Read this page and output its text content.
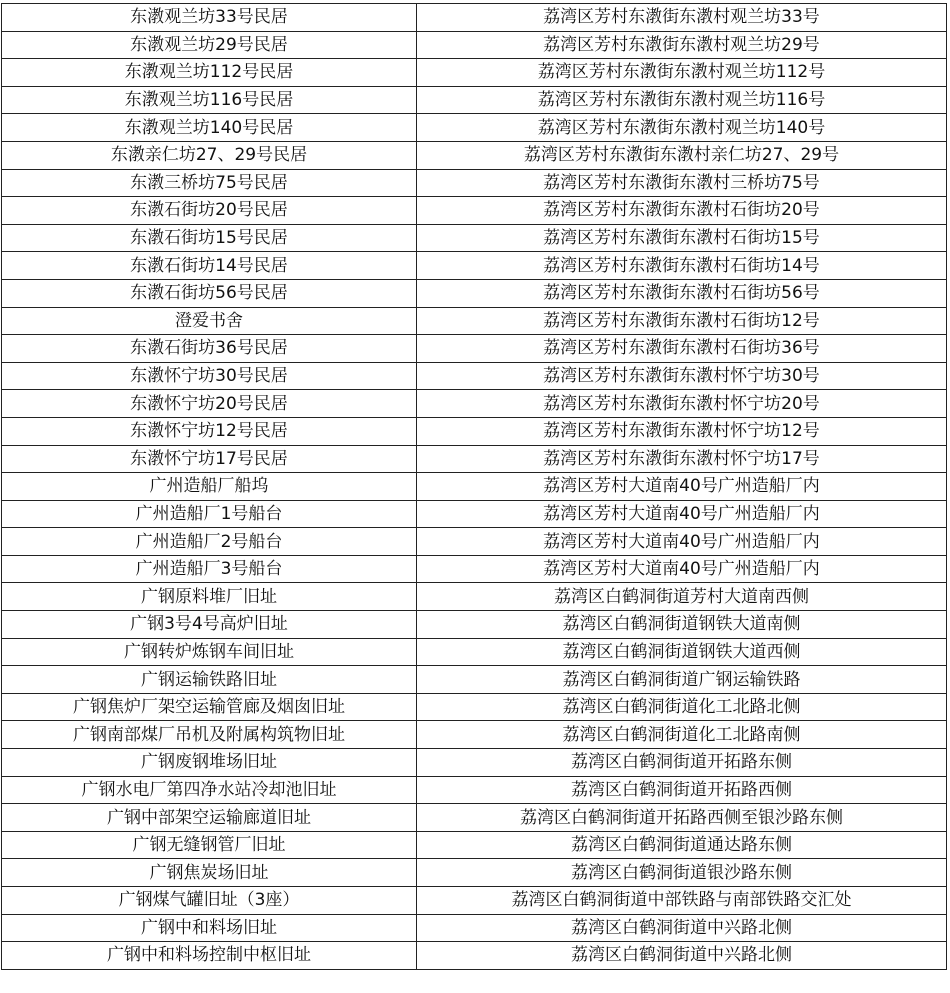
东漖观兰坊33号民居	荔湾区芳村东漖街东漖村观兰坊33号
东漖观兰坊29号民居	荔湾区芳村东漖街东漖村观兰坊29号
东漖观兰坊112号民居	荔湾区芳村东漖街东漖村观兰坊112号
东漖观兰坊116号民居	荔湾区芳村东漖街东漖村观兰坊116号
东漖观兰坊140号民居	荔湾区芳村东漖街东漖村观兰坊140号
东漖亲仁坊27、29号民居	荔湾区芳村东漖街东漖村亲仁坊27、29号
东漖三桥坊75号民居	荔湾区芳村东漖街东漖村三桥坊75号
东漖石街坊20号民居	荔湾区芳村东漖街东漖村石街坊20号
东漖石街坊15号民居	荔湾区芳村东漖街东漖村石街坊15号
东漖石街坊14号民居	荔湾区芳村东漖街东漖村石街坊14号
东漖石街坊56号民居	荔湾区芳村东漖街东漖村石街坊56号
澄爱书舍	荔湾区芳村东漖街东漖村石街坊12号
东漖石街坊36号民居	荔湾区芳村东漖街东漖村石街坊36号
东漖怀宁坊30号民居	荔湾区芳村东漖街东漖村怀宁坊30号
东漖怀宁坊20号民居	荔湾区芳村东漖街东漖村怀宁坊20号
东漖怀宁坊12号民居	荔湾区芳村东漖街东漖村怀宁坊12号
东漖怀宁坊17号民居	荔湾区芳村东漖街东漖村怀宁坊17号
广州造船厂船坞	荔湾区芳村大道南40号广州造船厂内
广州造船厂1号船台	荔湾区芳村大道南40号广州造船厂内
广州造船厂2号船台	荔湾区芳村大道南40号广州造船厂内
广州造船厂3号船台	荔湾区芳村大道南40号广州造船厂内
广钢原料堆厂旧址	荔湾区白鹤洞街道芳村大道南西侧
广钢3号4号高炉旧址	荔湾区白鹤洞街道钢铁大道南侧
广钢转炉炼钢车间旧址	荔湾区白鹤洞街道钢铁大道西侧
广钢运输铁路旧址	荔湾区白鹤洞街道广钢运输铁路
广钢焦炉厂架空运输管廊及烟囱旧址	荔湾区白鹤洞街道化工北路北侧
广钢南部煤厂吊机及附属构筑物旧址	荔湾区白鹤洞街道化工北路南侧
广钢废钢堆场旧址	荔湾区白鹤洞街道开拓路东侧
广钢水电厂第四净水站冷却池旧址	荔湾区白鹤洞街道开拓路西侧
广钢中部架空运输廊道旧址	荔湾区白鹤洞街道开拓路西侧至银沙路东侧
广钢无缝钢管厂旧址	荔湾区白鹤洞街道通达路东侧
广钢焦炭场旧址	荔湾区白鹤洞街道银沙路东侧
广钢煤气罐旧址（3座）	荔湾区白鹤洞街道中部铁路与南部铁路交汇处
广钢中和料场旧址	荔湾区白鹤洞街道中兴路北侧
广钢中和料场控制中枢旧址	荔湾区白鹤洞街道中兴路北侧
